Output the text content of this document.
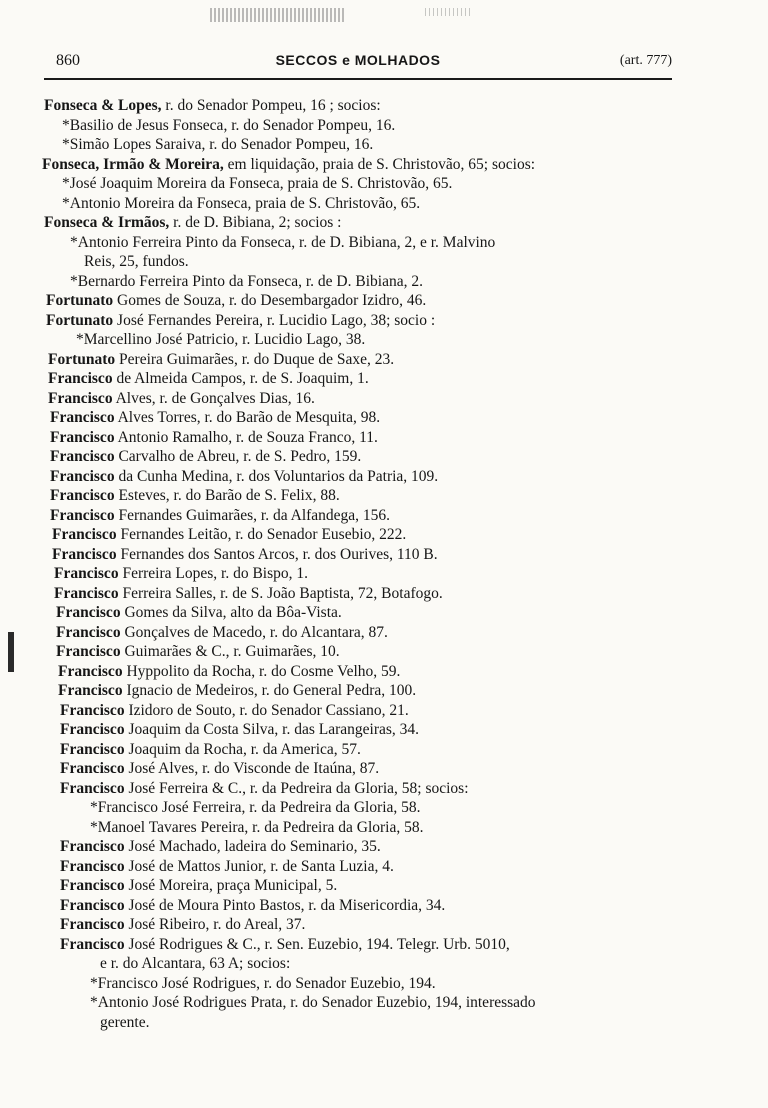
860	SECCOS e MOLHADOS	(art. 777)
Fonseca & Lopes, r. do Senador Pompeu, 16 ; socios:
*Basilio de Jesus Fonseca, r. do Senador Pompeu, 16.
*Simão Lopes Saraiva, r. do Senador Pompeu, 16.
Fonseca, Irmão & Moreira, em liquidação, praia de S. Christovão, 65; socios:
*José Joaquim Moreira da Fonseca, praia de S. Christovão, 65.
*Antonio Moreira da Fonseca, praia de S. Christovão, 65.
Fonseca & Irmãos, r. de D. Bibiana, 2; socios :
*Antonio Ferreira Pinto da Fonseca, r. de D. Bibiana, 2, e r. Malvino
Reis, 25, fundos.
*Bernardo Ferreira Pinto da Fonseca, r. de D. Bibiana, 2.
Fortunato Gomes de Souza, r. do Desembargador Izidro, 46.
Fortunato José Fernandes Pereira, r. Lucidio Lago, 38; socio :
*Marcellino José Patricio, r. Lucidio Lago, 38.
Fortunato Pereira Guimarães, r. do Duque de Saxe, 23.
Francisco de Almeida Campos, r. de S. Joaquim, 1.
Francisco Alves, r. de Gonçalves Dias, 16.
Francisco Alves Torres, r. do Barão de Mesquita, 98.
Francisco Antonio Ramalho, r. de Souza Franco, 11.
Francisco Carvalho de Abreu, r. de S. Pedro, 159.
Francisco da Cunha Medina, r. dos Voluntarios da Patria, 109.
Francisco Esteves, r. do Barão de S. Felix, 88.
Francisco Fernandes Guimarães, r. da Alfandega, 156.
Francisco Fernandes Leitão, r. do Senador Eusebio, 222.
Francisco Fernandes dos Santos Arcos, r. dos Ourives, 110 B.
Francisco Ferreira Lopes, r. do Bispo, 1.
Francisco Ferreira Salles, r. de S. João Baptista, 72, Botafogo.
Francisco Gomes da Silva, alto da Bôa-Vista.
Francisco Gonçalves de Macedo, r. do Alcantara, 87.
Francisco Guimarães & C., r. Guimarães, 10.
Francisco Hyppolito da Rocha, r. do Cosme Velho, 59.
Francisco Ignacio de Medeiros, r. do General Pedra, 100.
Francisco Izidoro de Souto, r. do Senador Cassiano, 21.
Francisco Joaquim da Costa Silva, r. das Larangeiras, 34.
Francisco Joaquim da Rocha, r. da America, 57.
Francisco José Alves, r. do Visconde de Itaúna, 87.
Francisco José Ferreira & C., r. da Pedreira da Gloria, 58; socios:
*Francisco José Ferreira, r. da Pedreira da Gloria, 58.
*Manoel Tavares Pereira, r. da Pedreira da Gloria, 58.
Francisco José Machado, ladeira do Seminario, 35.
Francisco José de Mattos Junior, r. de Santa Luzia, 4.
Francisco José Moreira, praça Municipal, 5.
Francisco José de Moura Pinto Bastos, r. da Misericordia, 34.
Francisco José Ribeiro, r. do Areal, 37.
Francisco José Rodrigues & C., r. Sen. Euzebio, 194. Telegr. Urb. 5010,
e r. do Alcantara, 63 A; socios:
*Francisco José Rodrigues, r. do Senador Euzebio, 194.
*Antonio José Rodrigues Prata, r. do Senador Euzebio, 194, interessado
gerente.
